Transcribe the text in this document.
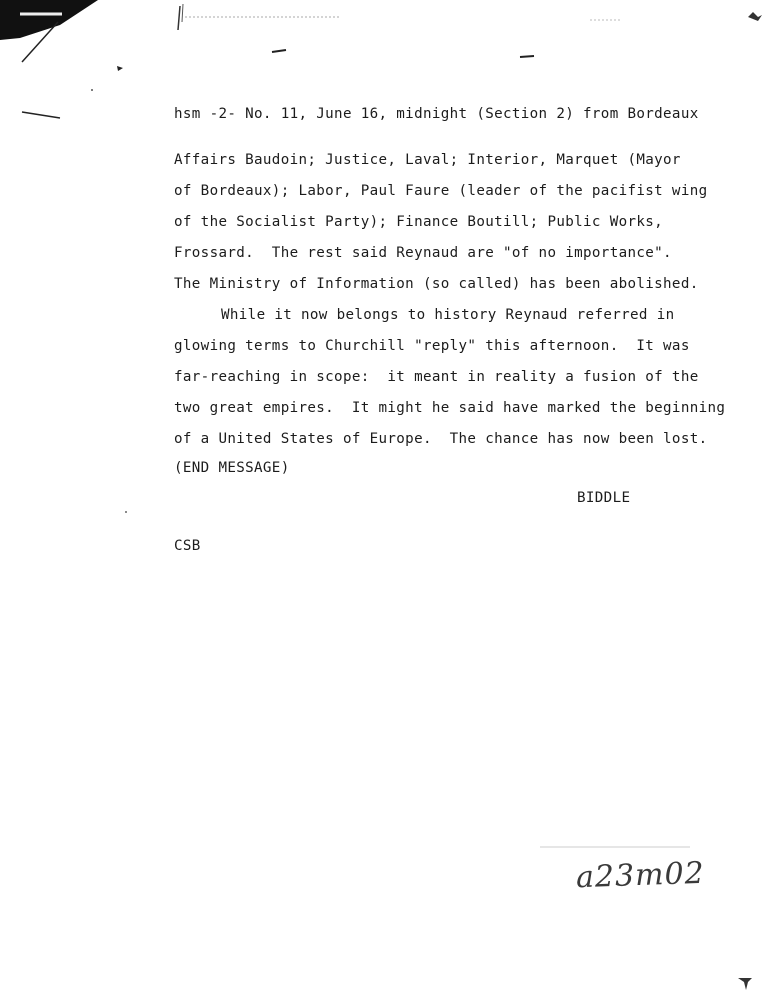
hsm -2- No. 11, June 16, midnight (Section 2) from Bordeaux
Affairs Baudoin; Justice, Laval; Interior, Marquet (Mayor
of Bordeaux); Labor, Paul Faure (leader of the pacifist wing
of the Socialist Party); Finance Boutill; Public Works,
Frossard.  The rest said Reynaud are "of no importance".
The Ministry of Information (so called) has been abolished.
While it now belongs to history Reynaud referred in
glowing terms to Churchill "reply" this afternoon.  It was
far-reaching in scope:  it meant in reality a fusion of the
two great empires.  It might he said have marked the beginning
of a United States of Europe.  The chance has now been lost.
(END MESSAGE)
BIDDLE
CSB
a23m02
